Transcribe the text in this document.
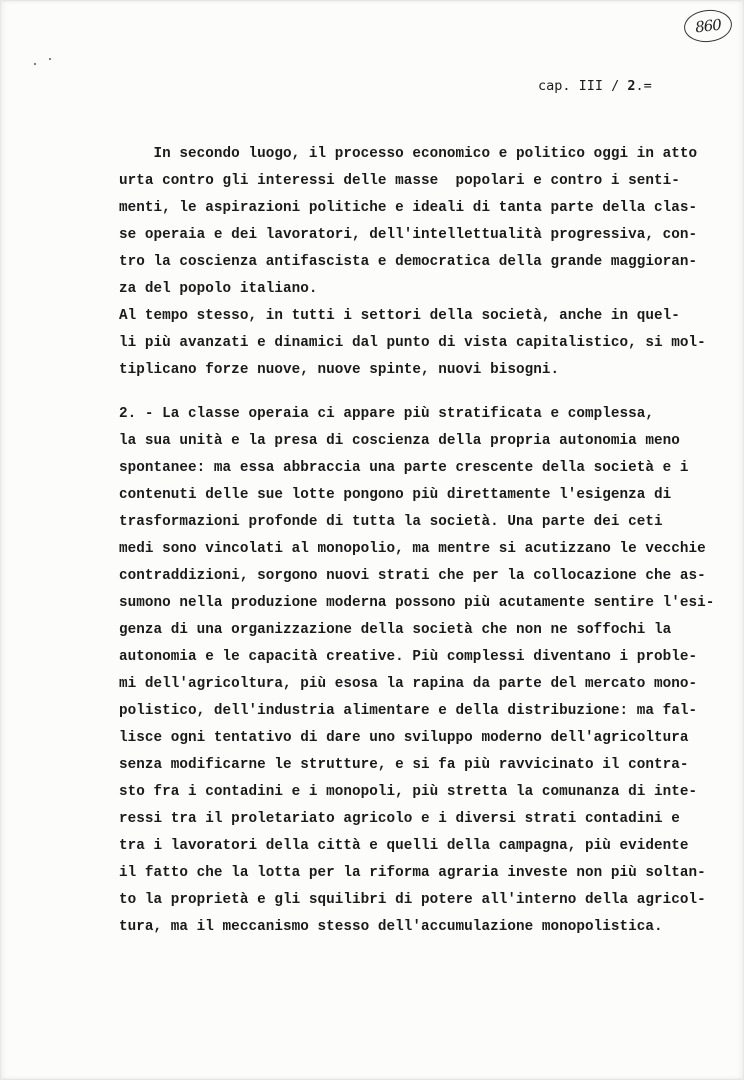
860
cap. III / 2.=
In secondo luogo, il processo economico e politico oggi in atto
urta contro gli interessi delle masse  popolari e contro i senti-
menti, le aspirazioni politiche e ideali di tanta parte della clas-
se operaia e dei lavoratori, dell'intellettualità progressiva, con-
tro la coscienza antifascista e democratica della grande maggioran-
za del popolo italiano.
Al tempo stesso, in tutti i settori della società, anche in quel-
li più avanzati e dinamici dal punto di vista capitalistico, si mol-
tiplicano forze nuove, nuove spinte, nuovi bisogni.
2. - La classe operaia ci appare più stratificata e complessa,
la sua unità e la presa di coscienza della propria autonomia meno
spontanee: ma essa abbraccia una parte crescente della società e i
contenuti delle sue lotte pongono più direttamente l'esigenza di
trasformazioni profonde di tutta la società. Una parte dei ceti
medi sono vincolati al monopolio, ma mentre si acutizzano le vecchie
contraddizioni, sorgono nuovi strati che per la collocazione che as-
sumono nella produzione moderna possono più acutamente sentire l'esi-
genza di una organizzazione della società che non ne soffochi la
autonomia e le capacità creative. Più complessi diventano i proble-
mi dell'agricoltura, più esosa la rapina da parte del mercato mono-
polistico, dell'industria alimentare e della distribuzione: ma fal-
lisce ogni tentativo di dare uno sviluppo moderno dell'agricoltura
senza modificarne le strutture, e si fa più ravvicinato il contra-
sto fra i contadini e i monopoli, più stretta la comunanza di inte-
ressi tra il proletariato agricolo e i diversi strati contadini e
tra i lavoratori della città e quelli della campagna, più evidente
il fatto che la lotta per la riforma agraria investe non più soltan-
to la proprietà e gli squilibri di potere all'interno della agricol-
tura, ma il meccanismo stesso dell'accumulazione monopolistica.
